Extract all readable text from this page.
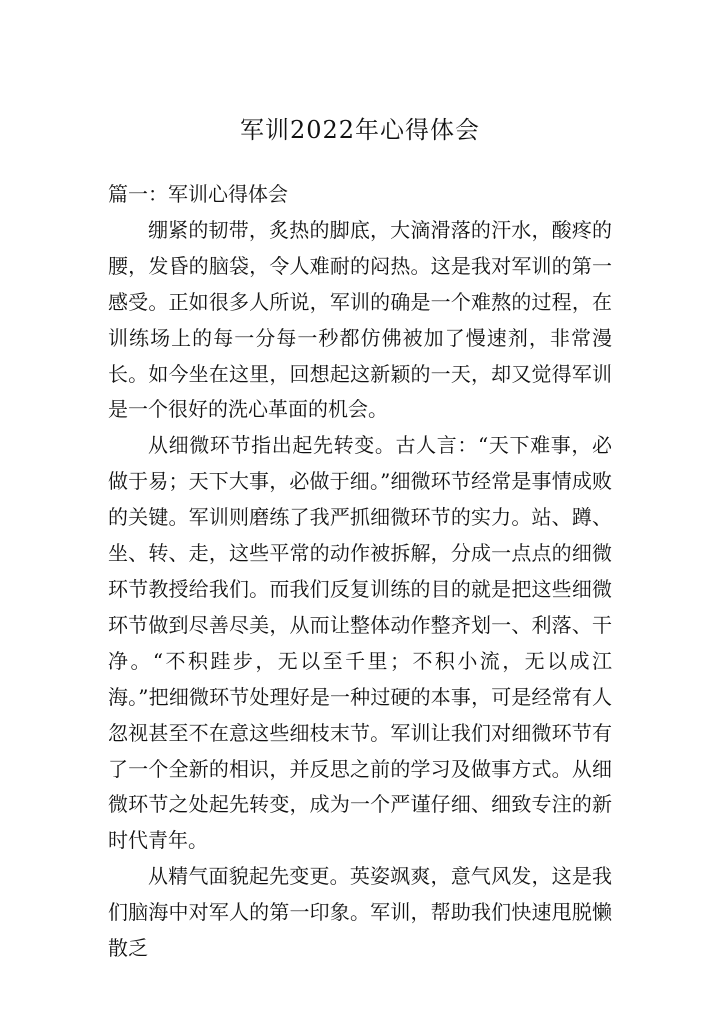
军训2022年心得体会

篇一：军训心得体会

绷紧的韧带，炙热的脚底，大滴滑落的汗水，酸疼的腰，发昏的脑袋，令人难耐的闷热。这是我对军训的第一感受。正如很多人所说，军训的确是一个难熬的过程，在训练场上的每一分每一秒都仿佛被加了慢速剂，非常漫长。如今坐在这里，回想起这新颖的一天，却又觉得军训是一个很好的洗心革面的机会。

从细微环节指出起先转变。古人言：“天下难事，必做于易；天下大事，必做于细。”细微环节经常是事情成败的关键。军训则磨练了我严抓细微环节的实力。站、蹲、坐、转、走，这些平常的动作被拆解，分成一点点的细微环节教授给我们。而我们反复训练的目的就是把这些细微环节做到尽善尽美，从而让整体动作整齐划一、利落、干净。“不积跬步，无以至千里；不积小流，无以成江海。”把细微环节处理好是一种过硬的本事，可是经常有人忽视甚至不在意这些细枝末节。军训让我们对细微环节有了一个全新的相识，并反思之前的学习及做事方式。从细微环节之处起先转变，成为一个严谨仔细、细致专注的新时代青年。

从精气面貌起先变更。英姿飒爽，意气风发，这是我们脑海中对军人的第一印象。军训，帮助我们快速甩脱懒散乏
